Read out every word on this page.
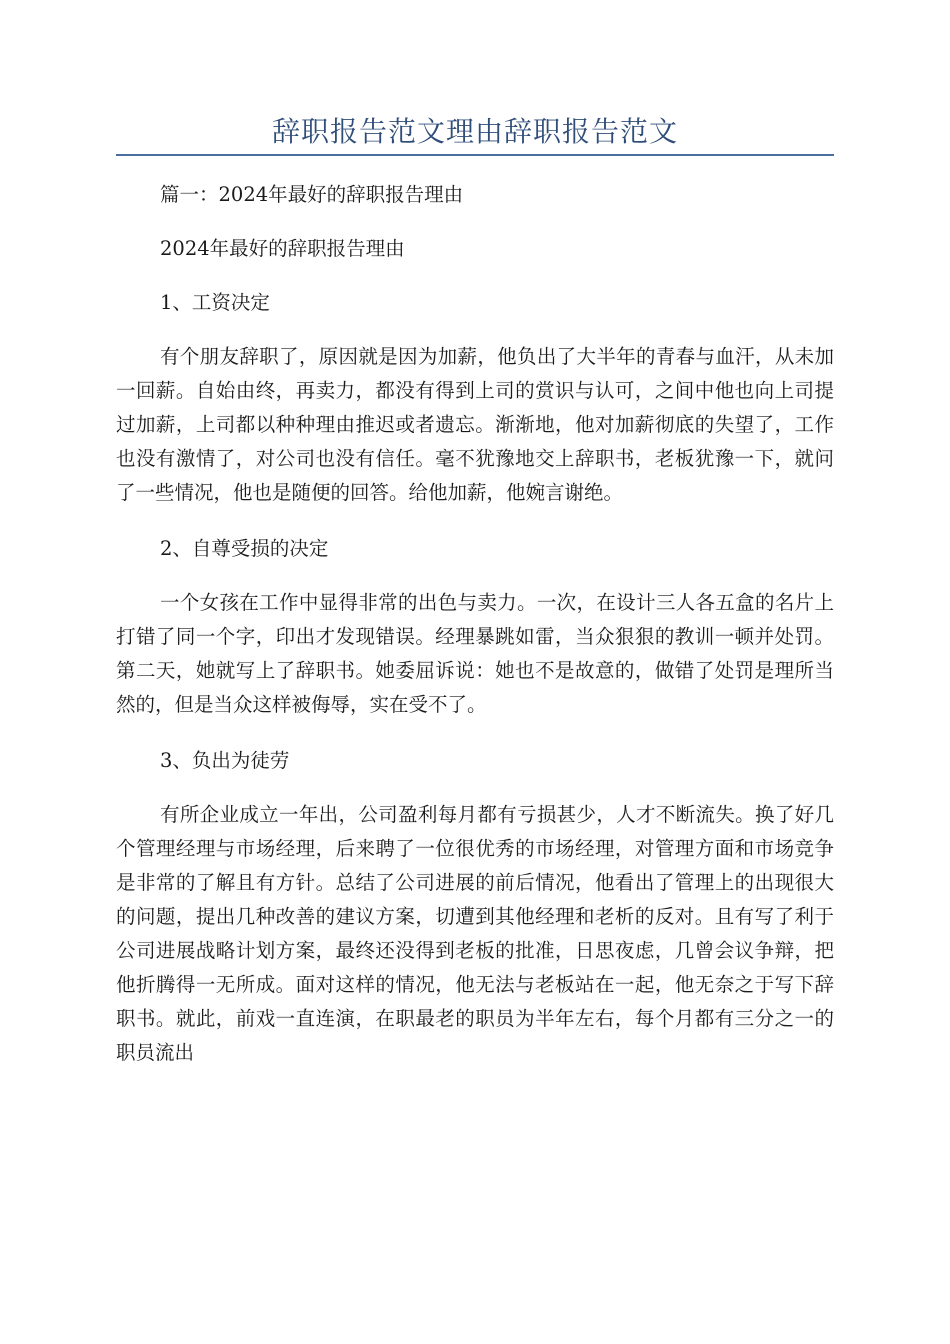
辞职报告范文理由辞职报告范文

篇一：2024年最好的辞职报告理由

2024年最好的辞职报告理由

1、工资决定

有个朋友辞职了，原因就是因为加薪，他负出了大半年的青春与血汗，从未加一回薪。自始由终，再卖力，都没有得到上司的赏识与认可，之间中他也向上司提过加薪，上司都以种种理由推迟或者遗忘。渐渐地，他对加薪彻底的失望了，工作也没有激情了，对公司也没有信任。毫不犹豫地交上辞职书，老板犹豫一下，就问了一些情况，他也是随便的回答。给他加薪，他婉言谢绝。

2、自尊受损的决定

一个女孩在工作中显得非常的出色与卖力。一次，在设计三人各五盒的名片上打错了同一个字，印出才发现错误。经理暴跳如雷，当众狠狠的教训一顿并处罚。第二天，她就写上了辞职书。她委屈诉说：她也不是故意的，做错了处罚是理所当然的，但是当众这样被侮辱，实在受不了。

3、负出为徒劳

有所企业成立一年出，公司盈利每月都有亏损甚少，人才不断流失。换了好几个管理经理与市场经理，后来聘了一位很优秀的市场经理，对管理方面和市场竞争是非常的了解且有方针。总结了公司进展的前后情况，他看出了管理上的出现很大的问题，提出几种改善的建议方案，切遭到其他经理和老析的反对。且有写了利于公司进展战略计划方案，最终还没得到老板的批准，日思夜虑，几曾会议争辩，把他折腾得一无所成。面对这样的情况，他无法与老板站在一起，他无奈之于写下辞职书。就此，前戏一直连演，在职最老的职员为半年左右，每个月都有三分之一的职员流出
